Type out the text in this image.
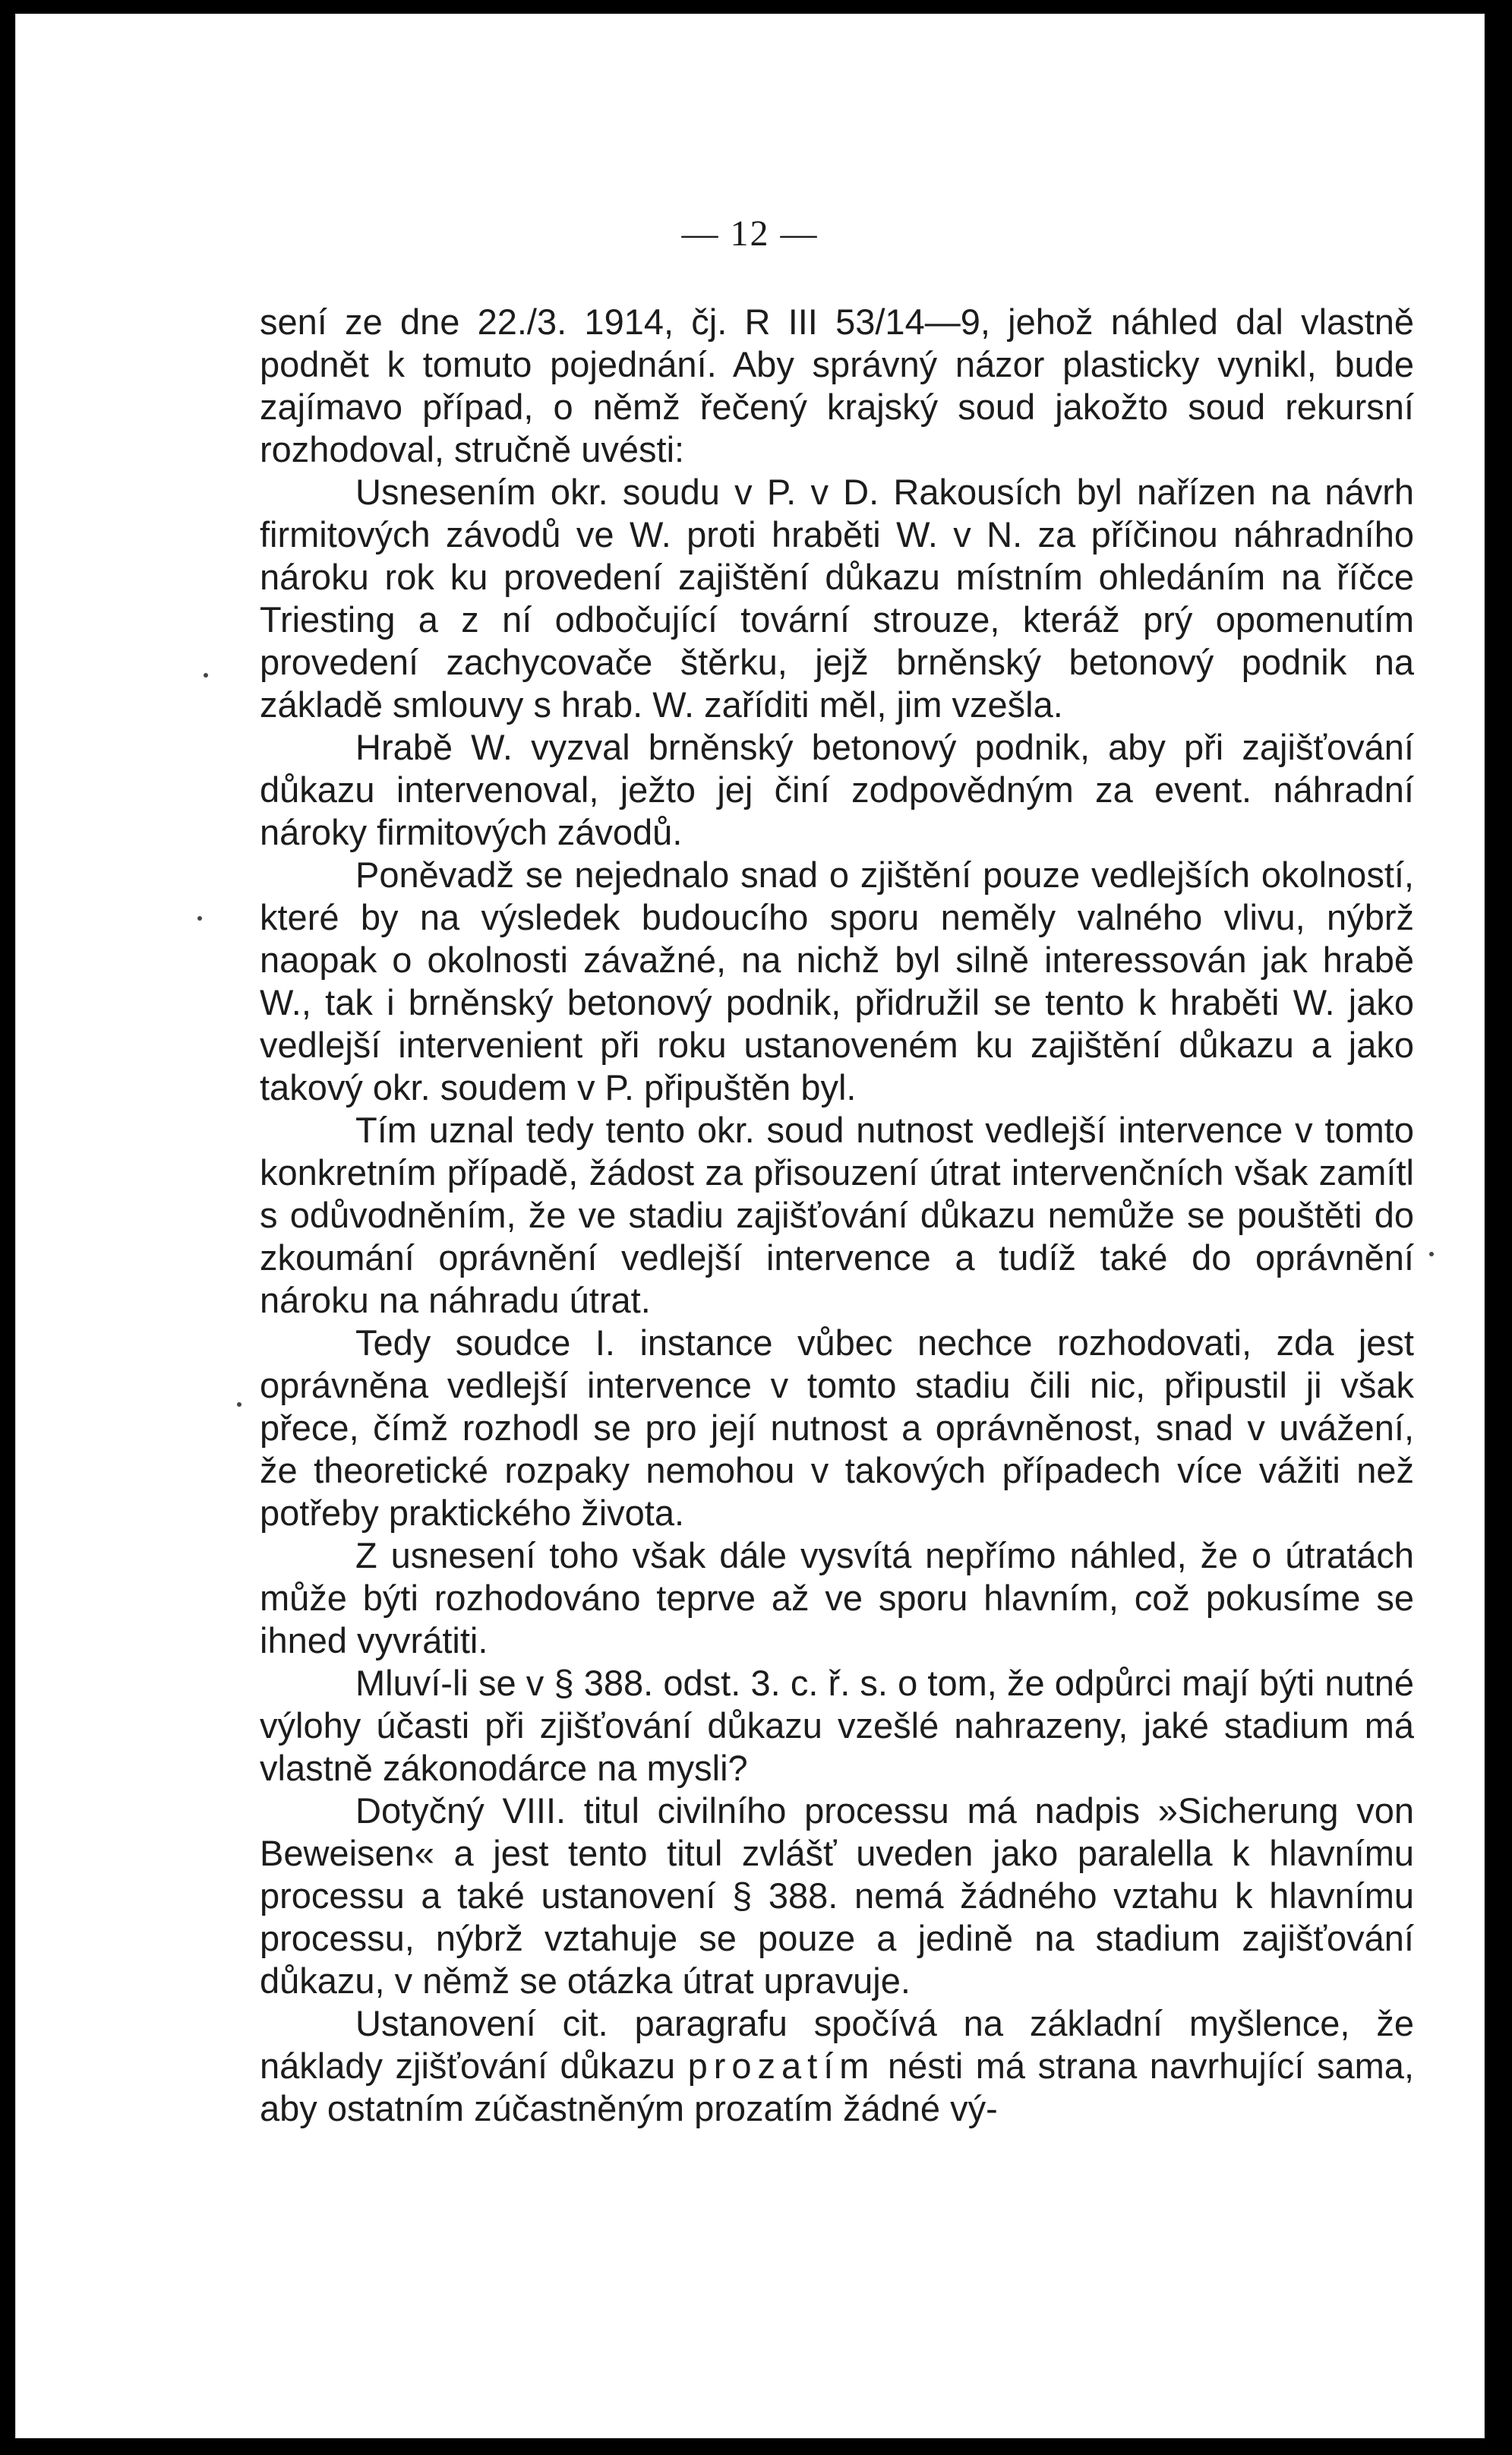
— 12 —

sení ze dne 22./3. 1914, čj. R III 53/14—9, jehož náhled dal vlastně podnět k tomuto pojednání. Aby správný názor plasticky vynikl, bude zajímavo případ, o němž řečený krajský soud jakožto soud rekursní rozhodoval, stručně uvésti:

Usnesením okr. soudu v P. v D. Rakousích byl nařízen na návrh firmitových závodů ve W. proti hraběti W. v N. za příčinou náhradního nároku rok ku provedení zajištění důkazu místním ohledáním na říčce Triesting a z ní odbočující tovární strouze, kteráž prý opomenutím provedení zachycovače štěrku, jejž brněnský betonový podnik na základě smlouvy s hrab. W. zaříditi měl, jim vzešla.

Hrabě W. vyzval brněnský betonový podnik, aby při zajišťování důkazu intervenoval, ježto jej činí zodpovědným za event. náhradní nároky firmitových závodů.

Poněvadž se nejednalo snad o zjištění pouze vedlejších okolností, které by na výsledek budoucího sporu neměly valného vlivu, nýbrž naopak o okolnosti závažné, na nichž byl silně interessován jak hrabě W., tak i brněnský betonový podnik, přidružil se tento k hraběti W. jako vedlejší intervenient při roku ustanoveném ku zajištění důkazu a jako takový okr. soudem v P. připuštěn byl.

Tím uznal tedy tento okr. soud nutnost vedlejší intervence v tomto konkretním případě, žádost za přisouzení útrat intervenčních však zamítl s odůvodněním, že ve stadiu zajišťování důkazu nemůže se pouštěti do zkoumání oprávnění vedlejší intervence a tudíž také do oprávnění nároku na náhradu útrat.

Tedy soudce I. instance vůbec nechce rozhodovati, zda jest oprávněna vedlejší intervence v tomto stadiu čili nic, připustil ji však přece, čímž rozhodl se pro její nutnost a oprávněnost, snad v uvážení, že theoretické rozpaky nemohou v takových případech více vážiti než potřeby praktického života.

Z usnesení toho však dále vysvítá nepřímo náhled, že o útratách může býti rozhodováno teprve až ve sporu hlavním, což pokusíme se ihned vyvrátiti.

Mluví-li se v § 388. odst. 3. c. ř. s. o tom, že odpůrci mají býti nutné výlohy účasti při zjišťování důkazu vzešlé nahrazeny, jaké stadium má vlastně zákonodárce na mysli?

Dotyčný VIII. titul civilního processu má nadpis »Sicherung von Beweisen« a jest tento titul zvlášť uveden jako paralella k hlavnímu processu a také ustanovení § 388. nemá žádného vztahu k hlavnímu processu, nýbrž vztahuje se pouze a jedině na stadium zajišťování důkazu, v němž se otázka útrat upravuje.

Ustanovení cit. paragrafu spočívá na základní myšlence, že náklady zjišťování důkazu prozatím nésti má strana navrhující sama, aby ostatním zúčastněným prozatím žádné vý-
